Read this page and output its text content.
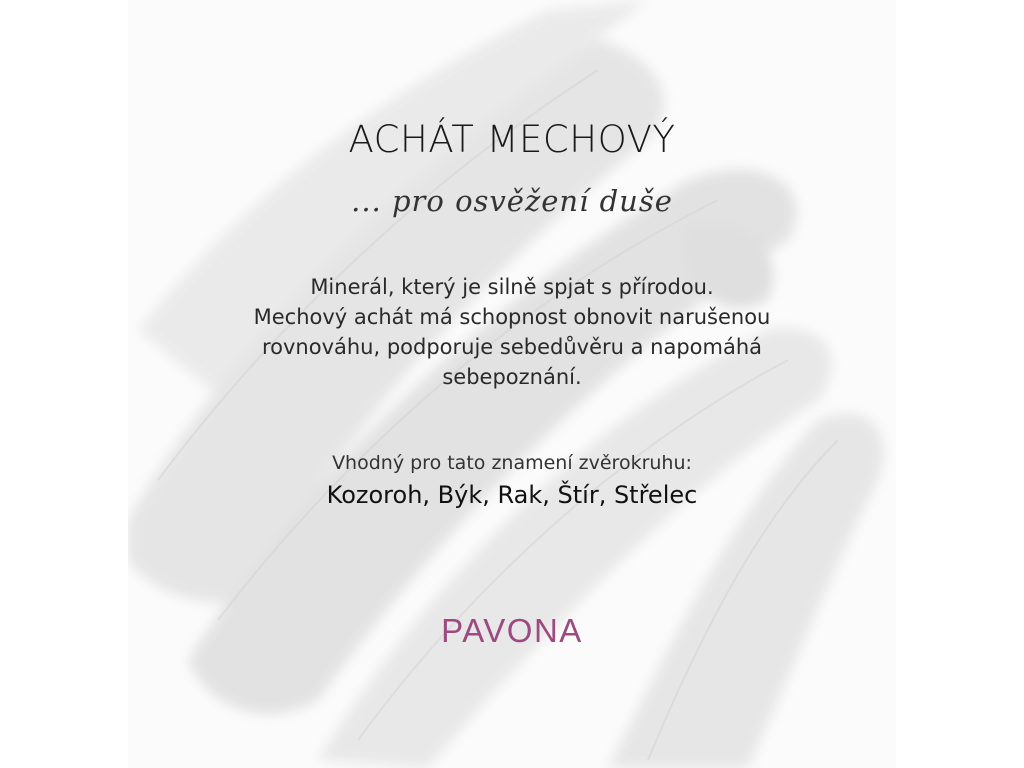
ACHÁT MECHOVÝ
... pro osvěžení duše
Minerál, který je silně spjat s přírodou.
Mechový achát má schopnost obnovit narušenou
rovnováhu, podporuje sebedůvěru a napomáhá
sebepoznání.
Vhodný pro tato znamení zvěrokruhu:
Kozoroh, Býk, Rak, Štír, Střelec
PAVONA
